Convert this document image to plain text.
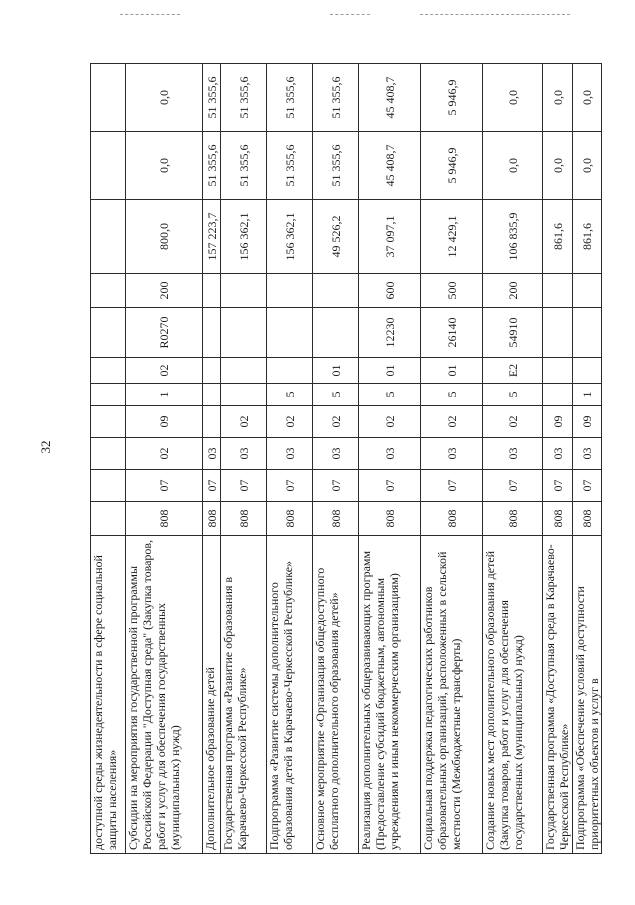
32
доступной среды жизнедеятельности в сфере социальной защиты населения»											
Субсидии на мероприятия государственной программы Российской Федерации "Доступная среда" (Закупка товаров, работ и услуг для обеспечения государственных (муниципальных) нужд)	808	07	02	09	1	02	R0270	200	800,0	0,0	0,0
Дополнительное образование детей	808	07	03						157 223,7	51 355,6	51 355,6
Государственная программа «Развитие образования в Карачаево-Черкесской Республике»	808	07	03	02					156 362,1	51 355,6	51 355,6
Подпрограмма «Развитие системы дополнительного образования детей в Карачаево-Черкесской Республике»	808	07	03	02	5				156 362,1	51 355,6	51 355,6
Основное мероприятие «Организация общедоступного бесплатного дополнительного образования детей»	808	07	03	02	5	01			49 526,2	51 355,6	51 355,6
Реализация дополнительных общеразвивающих программ (Предоставление субсидий бюджетным, автономным учреждениям и иным некоммерческим организациям)	808	07	03	02	5	01	12230	600	37 097,1	45 408,7	45 408,7
Социальная поддержка педагогических работников образовательных организаций, расположенных в сельской местности (Межбюджетные трансферты)	808	07	03	02	5	01	26140	500	12 429,1	5 946,9	5 946,9
Создание новых мест дополнительного образования детей (Закупка товаров, работ и услуг для обеспечения государственных (муниципальных) нужд)	808	07	03	02	5	E2	54910	200	106 835,9	0,0	0,0
Государственная программа «Доступная среда в Карачаево-Черкесской Республике»	808	07	03	09					861,6	0,0	0,0
Подпрограмма «Обеспечение условий доступности приоритетных объектов и услуг в	808	07	03	09	1				861,6	0,0	0,0
